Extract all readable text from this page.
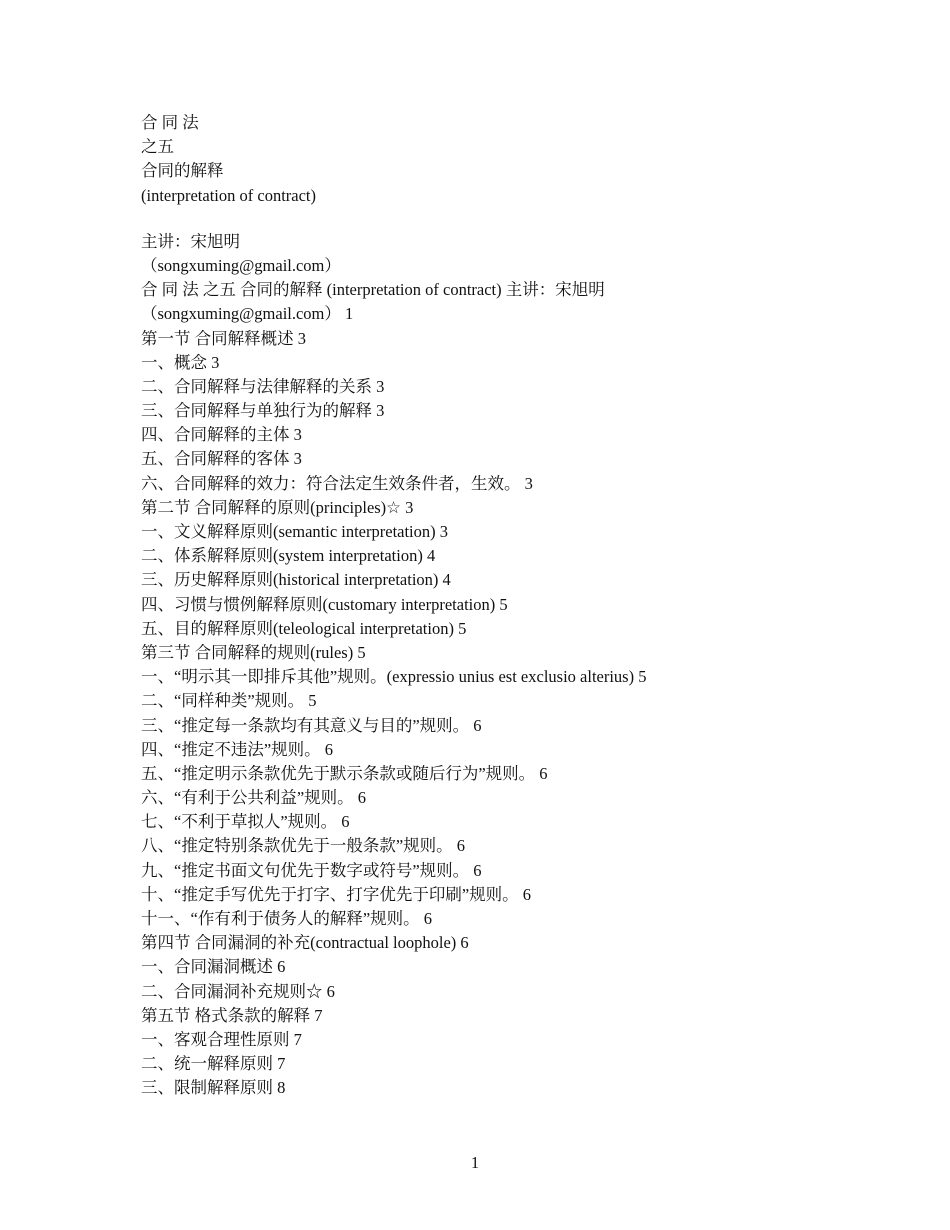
合 同 法
之五
合同的解释
(interpretation of contract)
主讲：宋旭明
（songxuming@gmail.com）
合 同 法 之五 合同的解释 (interpretation of contract) 主讲：宋旭明
（songxuming@gmail.com） 1
第一节 合同解释概述 3
一、概念 3
二、合同解释与法律解释的关系 3
三、合同解释与单独行为的解释 3
四、合同解释的主体 3
五、合同解释的客体 3
六、合同解释的效力：符合法定生效条件者，生效。 3
第二节 合同解释的原则(principles)☆ 3
一、文义解释原则(semantic interpretation) 3
二、体系解释原则(system interpretation) 4
三、历史解释原则(historical interpretation) 4
四、习惯与惯例解释原则(customary interpretation) 5
五、目的解释原则(teleological interpretation) 5
第三节 合同解释的规则(rules) 5
一、“明示其一即排斥其他”规则。(expressio unius est exclusio alterius) 5
二、“同样种类”规则。 5
三、“推定每一条款均有其意义与目的”规则。 6
四、“推定不违法”规则。 6
五、“推定明示条款优先于默示条款或随后行为”规则。 6
六、“有利于公共利益”规则。 6
七、“不利于草拟人”规则。 6
八、“推定特别条款优先于一般条款”规则。 6
九、“推定书面文句优先于数字或符号”规则。 6
十、“推定手写优先于打字、打字优先于印刷”规则。 6
十一、“作有利于债务人的解释”规则。 6
第四节 合同漏洞的补充(contractual loophole) 6
一、合同漏洞概述 6
二、合同漏洞补充规则☆ 6
第五节 格式条款的解释 7
一、客观合理性原则 7
二、统一解释原则 7
三、限制解释原则 8
1
